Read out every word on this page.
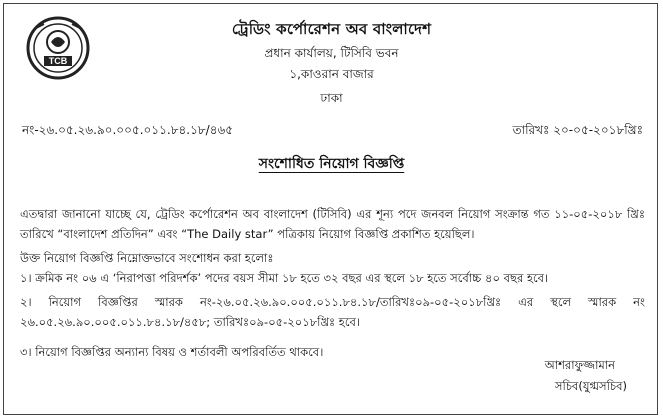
TCB
ট্রেডিং কর্পোরেশন অব বাংলাদেশ
প্রধান কার্যালয়, টিসিবি ভবন
১,কাওরান বাজার
ঢাকা
নং-২৬.০৫.২৬.৯০.০০৫.০১১.৮৪.১৮/৪৬৫	তারিখঃ ২০-০৫-২০১৮খ্রিঃ
সংশোধিত নিয়োগ বিজ্ঞপ্তি
এতদ্বারা জানানো যাচ্ছে যে, ট্রেডিং কর্পোরেশন অব বাংলাদেশ (টিসিবি) এর শূন্য পদে জনবল নিয়োগ সংক্রান্ত গত ১১-০৫-২০১৮ খ্রিঃ তারিখে “বাংলাদেশ প্রতিদিন” এবং “The Daily star” পত্রিকায় নিয়োগ বিজ্ঞপ্তি প্রকাশিত হয়েছিল।
উক্ত নিয়োগ বিজ্ঞপ্তি নিম্নোক্তভাবে সংশোধন করা হলোঃ
১। ক্রমিক নং ০৬ এ ‘নিরাপত্তা পরিদর্শক’ পদের বয়স সীমা ১৮ হতে ৩২ বছর এর স্থলে ১৮ হতে সর্বোচ্চ ৪০ বছর হবে।
২। নিয়োগ বিজ্ঞপ্তির স্মারক নং-২৬.০৫.২৬.৯০.০০৫.০১১.৮৪.১৮/তারিখঃ০৯-০৫-২০১৮খ্রিঃ এর স্থলে স্মারক নং ২৬.০৫.২৬.৯০.০০৫.০১১.৮৪.১৮/৪৫৮; তারিখঃ০৯-০৫-২০১৮খ্রিঃ হবে।
৩। নিয়োগ বিজ্ঞপ্তির অন্যান্য বিষয় ও শর্তাবলী অপরিবর্তিত থাকবে।
আশরাফুজ্জামান
সচিব(যুগ্মসচিব)
